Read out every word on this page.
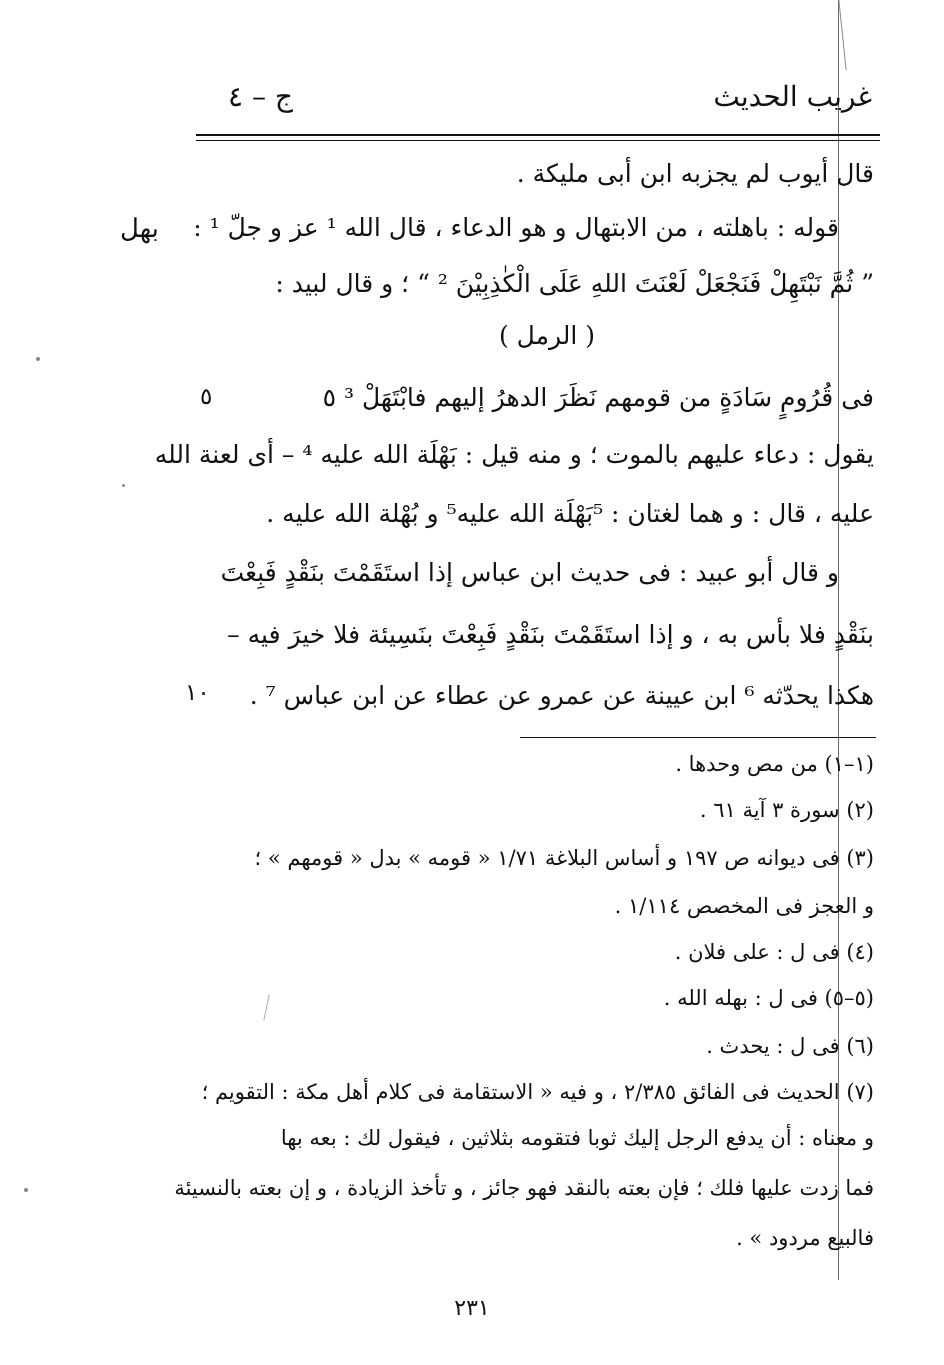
غريب الحديث
ج – ٤
بهل
٥
١٠
قال أيوب لم يجزبه ابن أبى مليكة .
قوله : باهلته ، من الابتهال و هو الدعاء ، قال الله ¹ عز و جلّ ¹ :
” ثُمَّ نَبْتَهِلْ فَنَجْعَلْ لَعْنَتَ اللهِ عَلَى الْكٰذِبِيْنَ ² “ ؛ و قال لبيد :
( الرمل )
فى قُرُومٍ سَادَةٍ من قومهم نَظَرَ الدهرُ إليهم فابْتَهَلْ ³ ٥
يقول : دعاء عليهم بالموت ؛ و منه قيل : بَهْلَة الله عليه ⁴ – أى لعنة الله
عليه ، قال : و هما لغتان : ⁵بَهْلَة الله عليه⁵ و بُهْلة الله عليه .
و قال أبو عبيد : فى حديث ابن عباس إذا استَقَمْتَ بنَقْدٍ فَبِعْتَ
بنَقْدٍ فلا بأس به ، و إذا استَقَمْتَ بنَقْدٍ فَبِعْتَ بنَسِيئة فلا خيرَ فيه –
هكذا يحدّثه ⁶ ابن عيينة عن عمرو عن عطاء عن ابن عباس ⁷ .
(١–١) من مص وحدها .
(٢) سورة ٣ آية ٦١ .
(٣) فى ديوانه ص ١٩٧ و أساس البلاغة ١/٧١ « قومه » بدل « قومهم » ؛
و العجز فى المخصص ١/١١٤ .
(٤) فى ل : على فلان .
(٥–٥) فى ل : بهله الله .
(٦) فى ل : يحدث .
(٧) الحديث فى الفائق ٢/٣٨٥ ، و فيه « الاستقامة فى كلام أهل مكة : التقويم ؛
و معناه : أن يدفع الرجل إليك ثوبا فتقومه بثلاثين ، فيقول لك : بعه بها
فما زدت عليها فلك ؛ فإن بعته بالنقد فهو جائز ، و تأخذ الزيادة ، و إن بعته بالنسيئة
فالبيع مردود » .
٢٣١
